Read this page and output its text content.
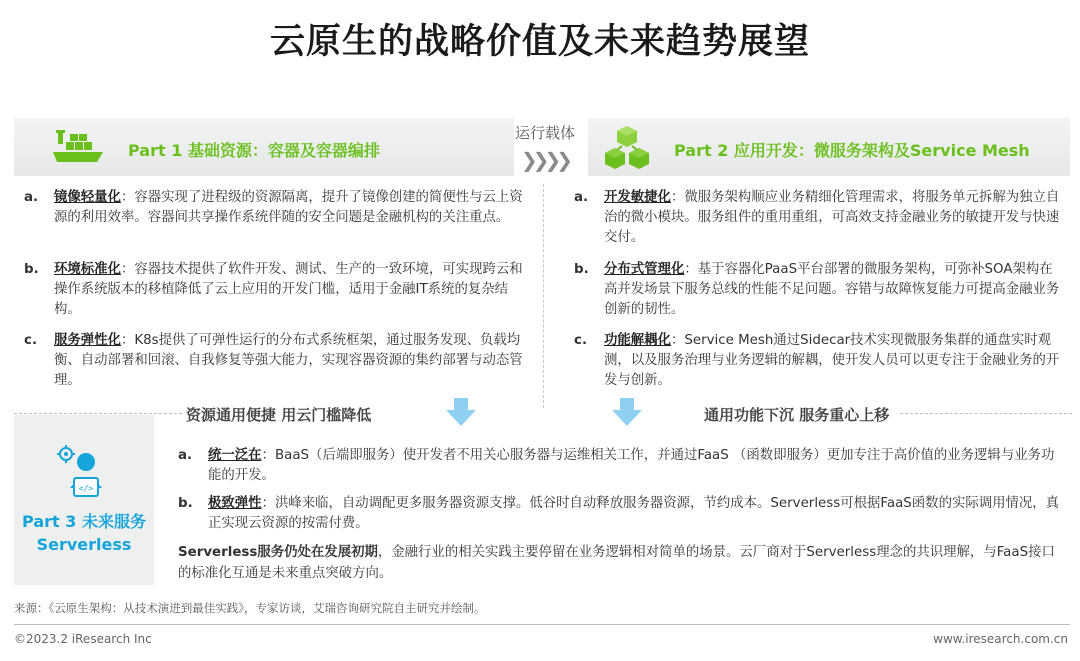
云原生的战略价值及未来趋势展望
Part 1 基础资源：容器及容器编排
运行载体
❯❯❯❯	Part 2 应用开发：微服务架构及Service Mesh
a. 镜像轻量化：容器实现了进程级的资源隔离，提升了镜像创建的简便性与云上资源的利用效率。容器间共享操作系统伴随的安全问题是金融机构的关注重点。
b. 环境标准化：容器技术提供了软件开发、测试、生产的一致环境，可实现跨云和操作系统版本的移植降低了云上应用的开发门槛，适用于金融IT系统的复杂结构。
c. 服务弹性化：K8s提供了可弹性运行的分布式系统框架，通过服务发现、负载均衡、自动部署和回滚、自我修复等强大能力，实现容器资源的集约部署与动态管理。
a. 开发敏捷化：微服务架构顺应业务精细化管理需求，将服务单元拆解为独立自治的微小模块。服务组件的重用重组，可高效支持金融业务的敏捷开发与快速交付。
b. 分布式管理化：基于容器化PaaS平台部署的微服务架构，可弥补SOA架构在高并发场景下服务总线的性能不足问题。容错与故障恢复能力可提高金融业务创新的韧性。
c. 功能解耦化：Service Mesh通过Sidecar技术实现微服务集群的通盘实时观测，以及服务治理与业务逻辑的解耦，使开发人员可以更专注于金融业务的开发与创新。
资源通用便捷 用云门槛降低	通用功能下沉 服务重心上移
</>
Part 3 未来服务
Serverless
a. 统一泛在：BaaS（后端即服务）使开发者不用关心服务器与运维相关工作，并通过FaaS （函数即服务）更加专注于高价值的业务逻辑与业务功能的开发。
b. 极致弹性：洪峰来临，自动调配更多服务器资源支撑。低谷时自动释放服务器资源，节约成本。Serverless可根据FaaS函数的实际调用情况，真正实现云资源的按需付费。
Serverless服务仍处在发展初期，金融行业的相关实践主要停留在业务逻辑相对简单的场景。云厂商对于Serverless理念的共识理解，与FaaS接口的标准化互通是未来重点突破方向。
来源：《云原生架构：从技术演进到最佳实践》，专家访谈，艾瑞咨询研究院自主研究并绘制。
©2023.2 iResearch Inc	www.iresearch.com.cn
